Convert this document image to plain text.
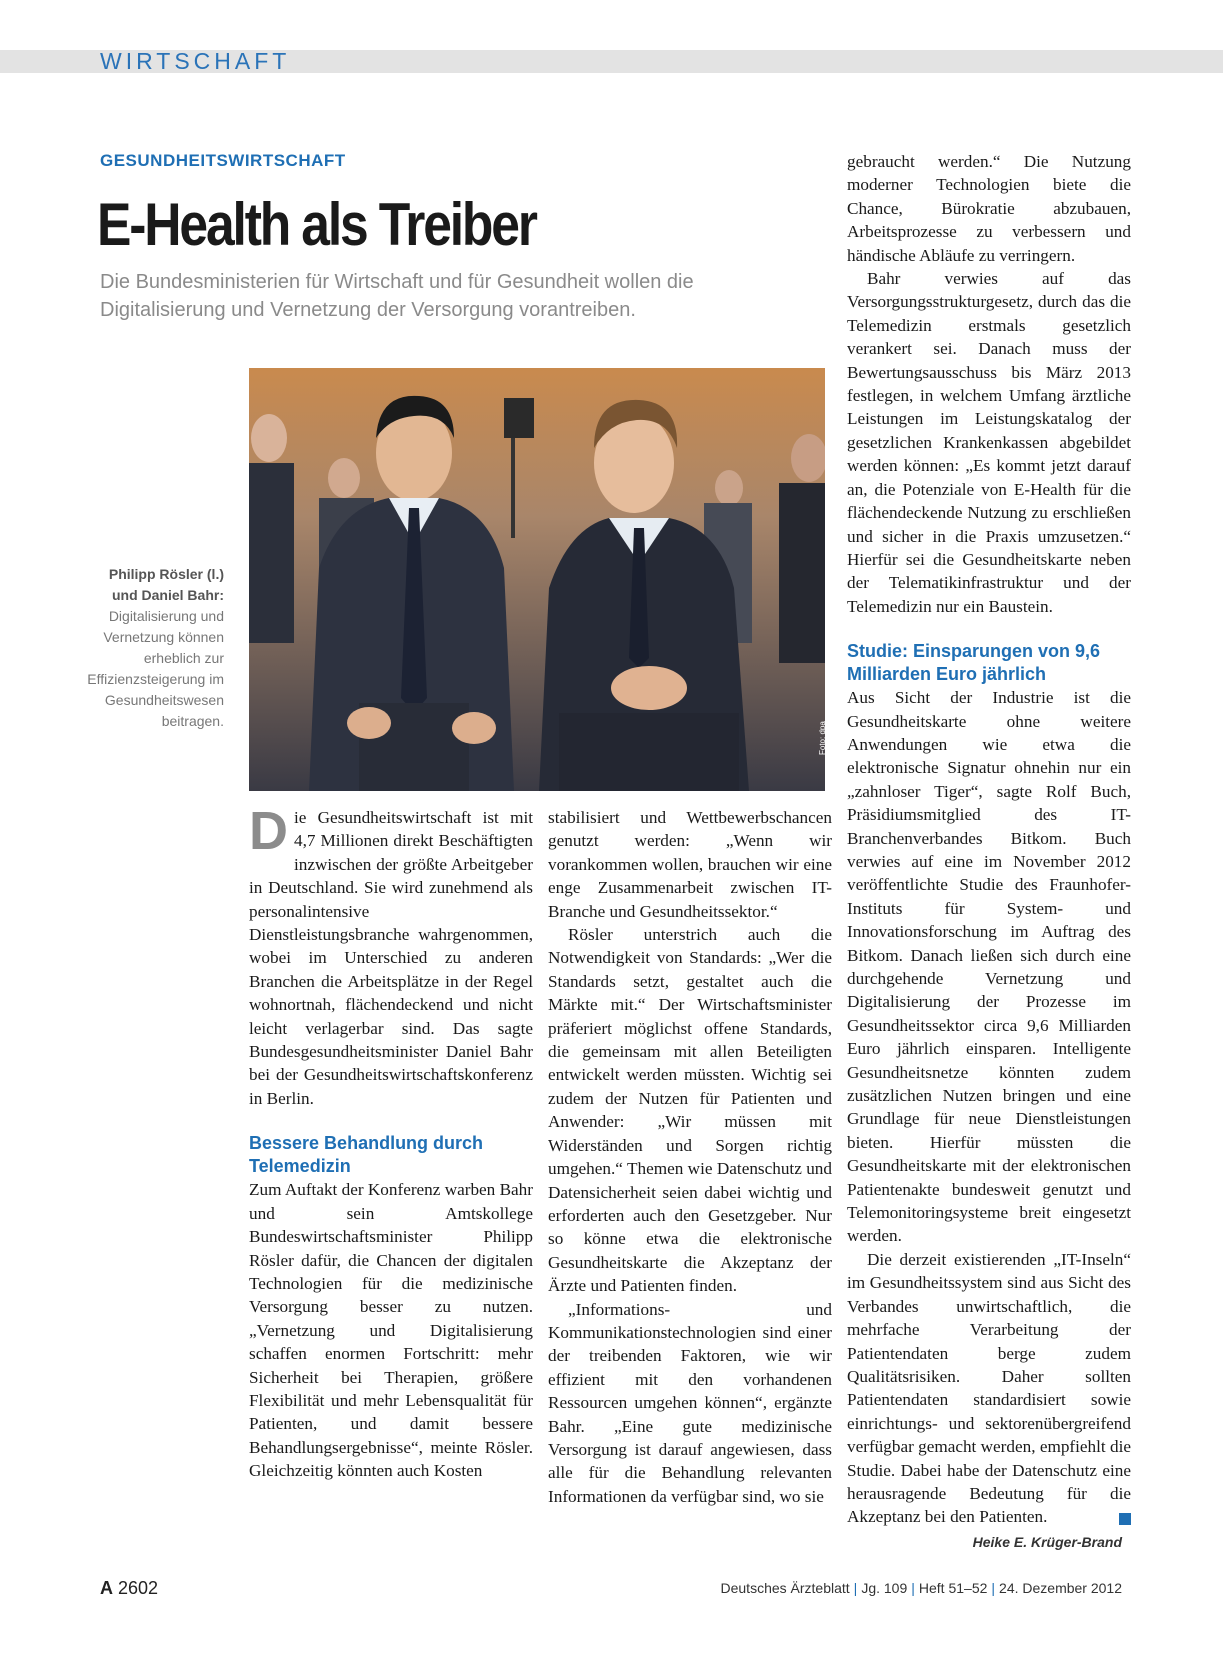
WIRTSCHAFT
GESUNDHEITSWIRTSCHAFT
E-Health als Treiber
Die Bundesministerien für Wirtschaft und für Gesundheit wollen die Digitalisierung und Vernetzung der Versorgung vorantreiben.
Foto: dpa
Philipp Rösler (l.) und Daniel Bahr: Digitalisierung und Vernetzung können erheblich zur Effizienzsteigerung im Gesundheitswesen beitragen.

Die Gesundheitswirtschaft ist mit 4,7 Millionen direkt Beschäftigten inzwischen der größte Arbeitgeber in Deutschland. Sie wird zunehmend als personalintensive Dienstleistungsbranche wahrgenommen, wobei im Unterschied zu anderen Branchen die Arbeitsplätze in der Regel wohnortnah, flächendeckend und nicht leicht verlagerbar sind. Das sagte Bundesgesundheitsminister Daniel Bahr bei der Gesundheitswirtschaftskonferenz in Berlin.

Bessere Behandlung durch Telemedizin

Zum Auftakt der Konferenz warben Bahr und sein Amtskollege Bundeswirtschaftsminister Philipp Rösler dafür, die Chancen der digitalen Technologien für die medizinische Versorgung besser zu nutzen. „Vernetzung und Digitalisierung schaffen enormen Fortschritt: mehr Sicherheit bei Therapien, größere Flexibilität und mehr Lebensqualität für Patienten, und damit bessere Behandlungsergebnisse“, meinte Rösler. Gleichzeitig könnten auch Kosten

stabilisiert und Wettbewerbschancen genutzt werden: „Wenn wir vorankommen wollen, brauchen wir eine enge Zusammenarbeit zwischen IT-Branche und Gesundheitssektor.“

Rösler unterstrich auch die Notwendigkeit von Standards: „Wer die Standards setzt, gestaltet auch die Märkte mit.“ Der Wirtschaftsminister präferiert möglichst offene Standards, die gemeinsam mit allen Beteiligten entwickelt werden müssten. Wichtig sei zudem der Nutzen für Patienten und Anwender: „Wir müssen mit Widerständen und Sorgen richtig umgehen.“ Themen wie Datenschutz und Datensicherheit seien dabei wichtig und erforderten auch den Gesetzgeber. Nur so könne etwa die elektronische Gesundheitskarte die Akzeptanz der Ärzte und Patienten finden.

„Informations- und Kommunikationstechnologien sind einer der treibenden Faktoren, wie wir effizient mit den vorhandenen Ressourcen umgehen können“, ergänzte Bahr. „Eine gute medizinische Versorgung ist darauf angewiesen, dass alle für die Behandlung relevanten Informationen da verfügbar sind, wo sie

gebraucht werden.“ Die Nutzung moderner Technologien biete die Chance, Bürokratie abzubauen, Arbeitsprozesse zu verbessern und händische Abläufe zu verringern.

Bahr verwies auf das Versorgungsstrukturgesetz, durch das die Telemedizin erstmals gesetzlich verankert sei. Danach muss der Bewertungsausschuss bis März 2013 festlegen, in welchem Umfang ärztliche Leistungen im Leistungskatalog der gesetzlichen Krankenkassen abgebildet werden können: „Es kommt jetzt darauf an, die Potenziale von E-Health für die flächendeckende Nutzung zu erschließen und sicher in die Praxis umzusetzen.“ Hierfür sei die Gesundheitskarte neben der Telematikinfrastruktur und der Telemedizin nur ein Baustein.

Studie: Einsparungen von 9,6 Milliarden Euro jährlich

Aus Sicht der Industrie ist die Gesundheitskarte ohne weitere Anwendungen wie etwa die elektronische Signatur ohnehin nur ein „zahnloser Tiger“, sagte Rolf Buch, Präsidiumsmitglied des IT-Branchenverbandes Bitkom. Buch verwies auf eine im November 2012 veröffentlichte Studie des Fraunhofer-Instituts für System- und Innovationsforschung im Auftrag des Bitkom. Danach ließen sich durch eine durchgehende Vernetzung und Digitalisierung der Prozesse im Gesundheitssektor circa 9,6 Milliarden Euro jährlich einsparen. Intelligente Gesundheitsnetze könnten zudem zusätzlichen Nutzen bringen und eine Grundlage für neue Dienstleistungen bieten. Hierfür müssten die Gesundheitskarte mit der elektronischen Patientenakte bundesweit genutzt und Telemonitoringsysteme breit eingesetzt werden.

Die derzeit existierenden „IT-Inseln“ im Gesundheitssystem sind aus Sicht des Verbandes unwirtschaftlich, die mehrfache Verarbeitung der Patientendaten berge zudem Qualitätsrisiken. Daher sollten Patientendaten standardisiert sowie einrichtungs- und sektorenübergreifend verfügbar gemacht werden, empfiehlt die Studie. Dabei habe der Datenschutz eine herausragende Bedeutung für die Akzeptanz bei den Patienten.

Heike E. Krüger-Brand
A 2602	Deutsches Ärzteblatt | Jg. 109 | Heft 51–52 | 24. Dezember 2012
